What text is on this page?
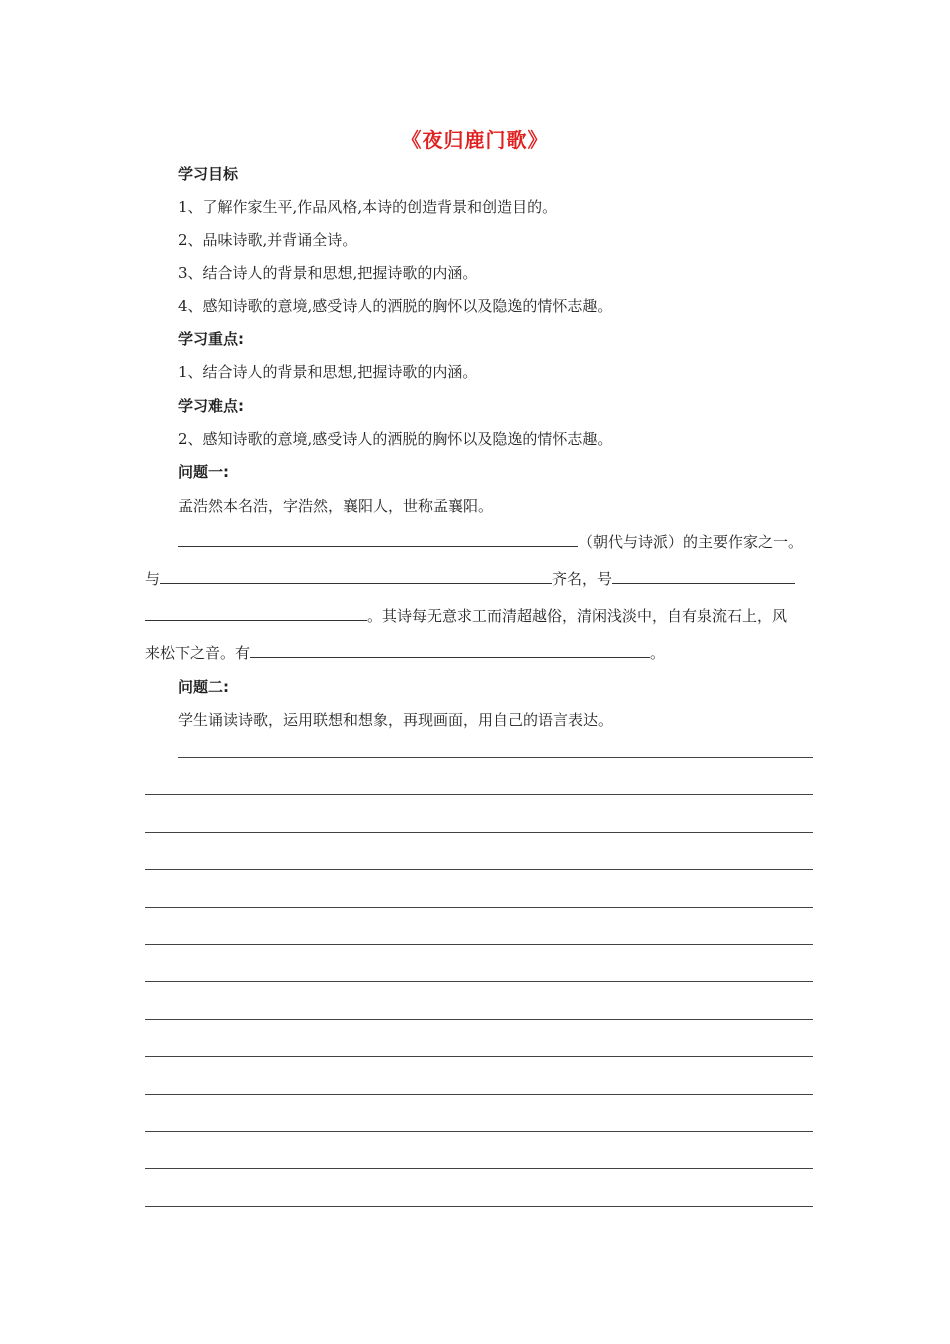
《夜归鹿门歌》
学习目标
1、了解作家生平,作品风格,本诗的创造背景和创造目的。
2、品味诗歌,并背诵全诗。
3、结合诗人的背景和思想,把握诗歌的内涵。
4、感知诗歌的意境,感受诗人的洒脱的胸怀以及隐逸的情怀志趣。
学习重点:
1、结合诗人的背景和思想,把握诗歌的内涵。
学习难点:
2、感知诗歌的意境,感受诗人的洒脱的胸怀以及隐逸的情怀志趣。
问题一:
孟浩然本名浩，字浩然，襄阳人，世称孟襄阳。
（朝代与诗派）的主要作家之一。
与	齐名，号
。其诗每无意求工而清超越俗，清闲浅淡中，自有泉流石上，风
来松下之音。有	。
问题二:
学生诵读诗歌，运用联想和想象，再现画面，用自己的语言表达。
